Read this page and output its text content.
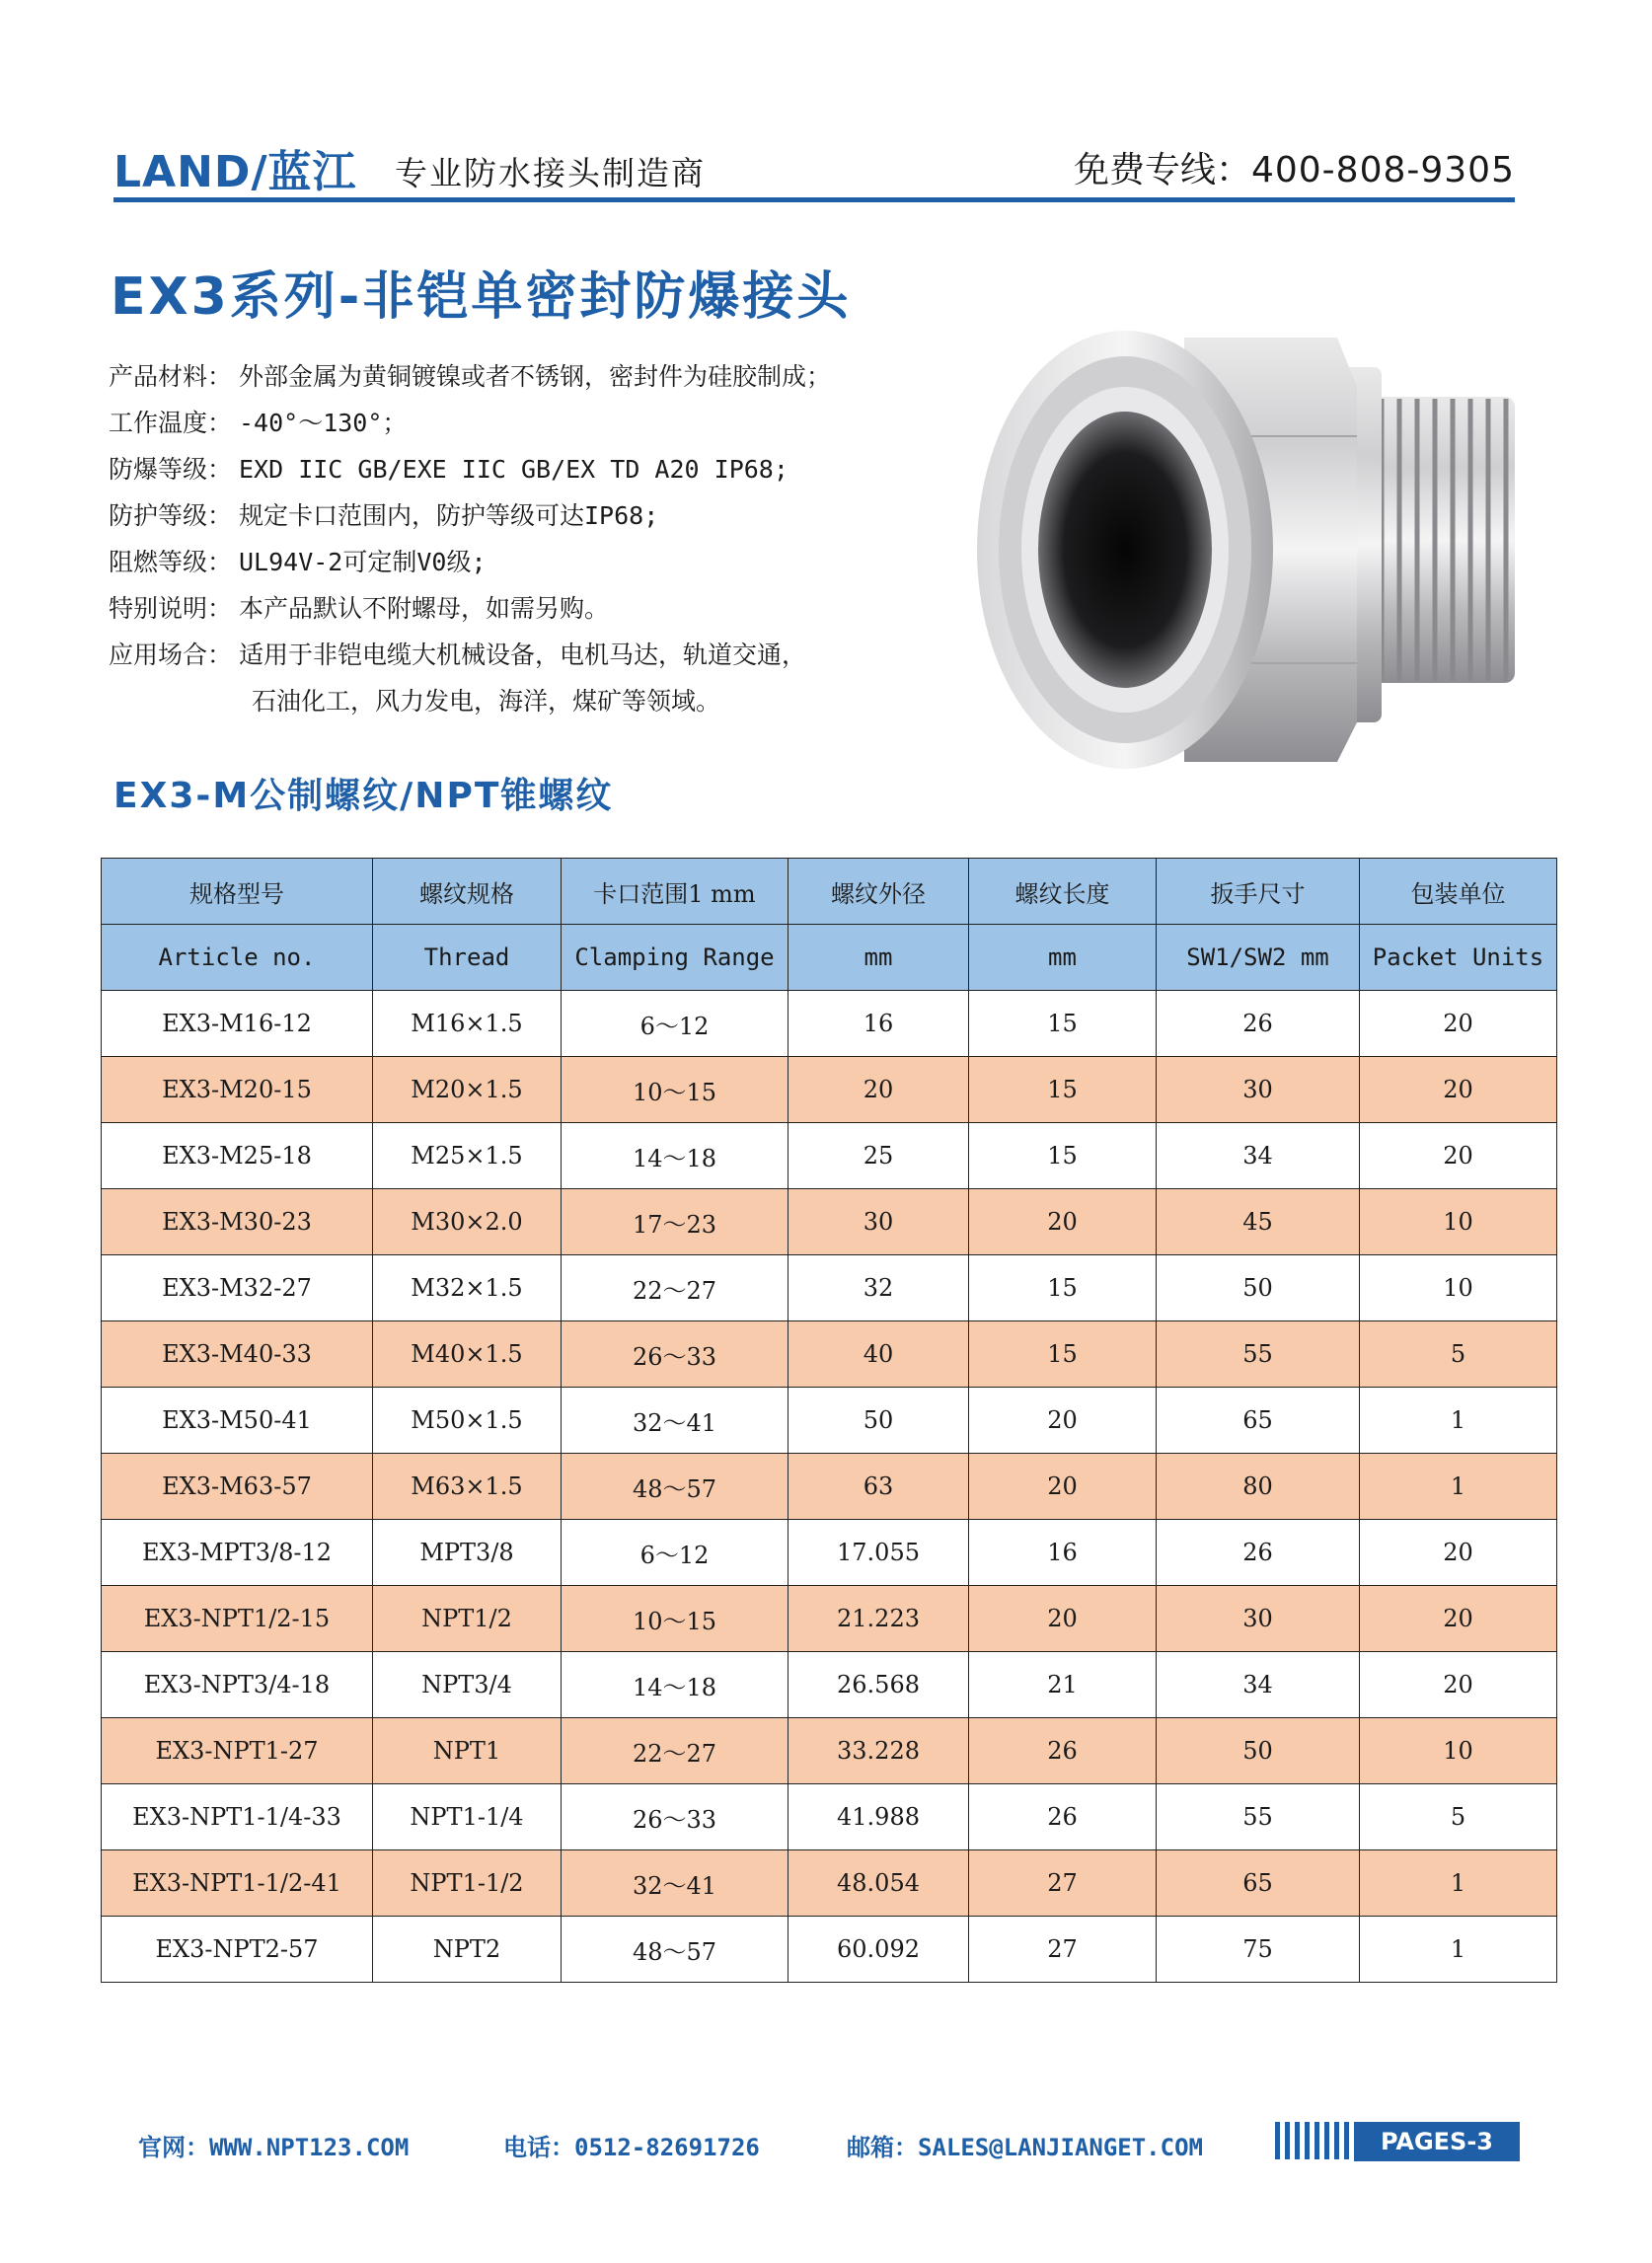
LAND/蓝江 专业防水接头制造商	免费专线：400-808-9305
EX3系列-非铠单密封防爆接头
产品材料： 外部金属为黄铜镀镍或者不锈钢，密封件为硅胶制成；
工作温度： -40°～130°；
防爆等级： EXD IIC GB/EXE IIC GB/EX TD A20 IP68;
防护等级： 规定卡口范围内，防护等级可达IP68;
阻燃等级： UL94V-2可定制V0级;
特别说明： 本产品默认不附螺母，如需另购。
应用场合： 适用于非铠电缆大机械设备，电机马达，轨道交通，
石油化工，风力发电，海洋，煤矿等领域。
EX3-M公制螺纹/NPT锥螺纹
规格型号	螺纹规格	卡口范围1 mm	螺纹外径	螺纹长度	扳手尺寸	包装单位
Article no.	Thread	Clamping Range	mm	mm	SW1/SW2 mm	Packet Units
EX3-M16-12	M16×1.5	6～12	16	15	26	20
EX3-M20-15	M20×1.5	10～15	20	15	30	20
EX3-M25-18	M25×1.5	14～18	25	15	34	20
EX3-M30-23	M30×2.0	17～23	30	20	45	10
EX3-M32-27	M32×1.5	22～27	32	15	50	10
EX3-M40-33	M40×1.5	26～33	40	15	55	5
EX3-M50-41	M50×1.5	32～41	50	20	65	1
EX3-M63-57	M63×1.5	48～57	63	20	80	1
EX3-MPT3/8-12	MPT3/8	6～12	17.055	16	26	20
EX3-NPT1/2-15	NPT1/2	10～15	21.223	20	30	20
EX3-NPT3/4-18	NPT3/4	14～18	26.568	21	34	20
EX3-NPT1-27	NPT1	22～27	33.228	26	50	10
EX3-NPT1-1/4-33	NPT1-1/4	26～33	41.988	26	55	5
EX3-NPT1-1/2-41	NPT1-1/2	32～41	48.054	27	65	1
EX3-NPT2-57	NPT2	48～57	60.092	27	75	1
官网：WWW.NPT123.COM	电话：0512-82691726	邮箱：SALES@LANJIANGET.COM	PAGES-3
